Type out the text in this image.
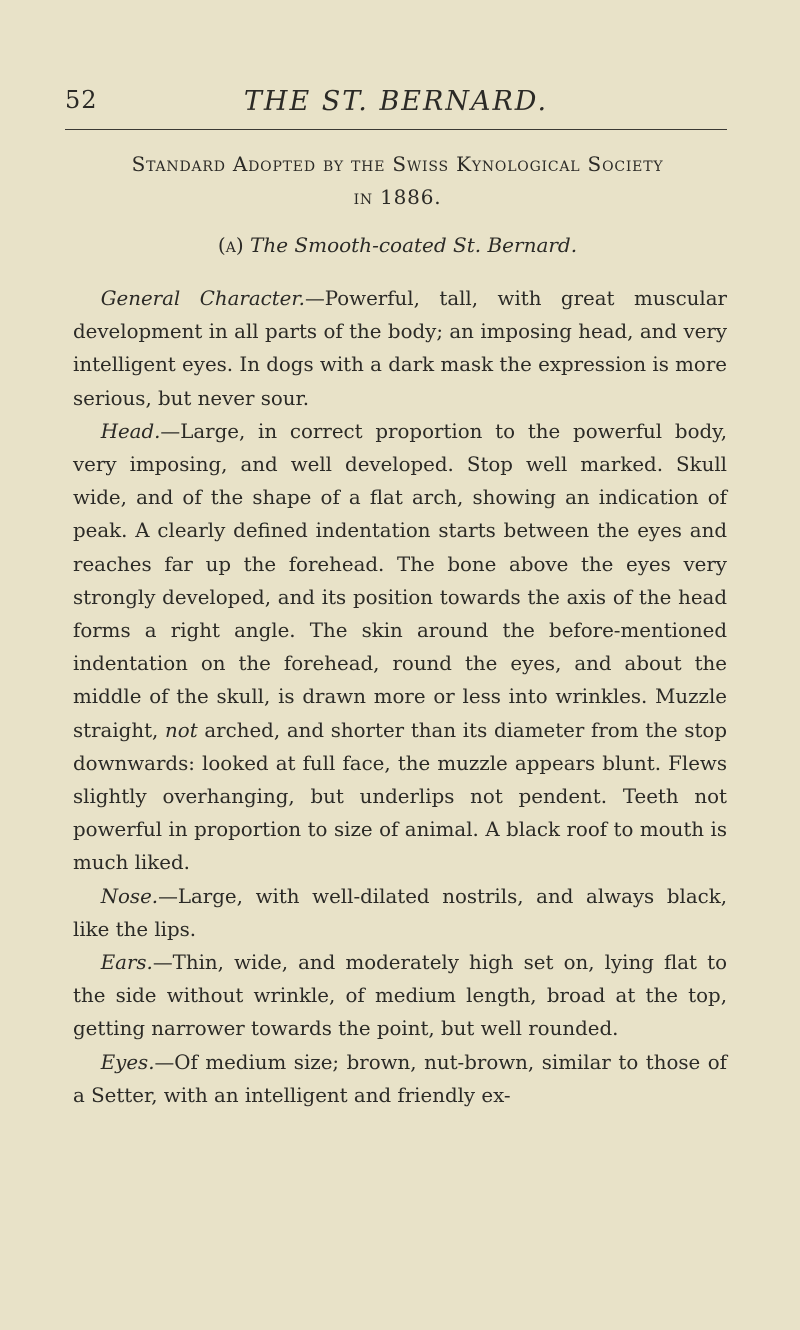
52	THE ST. BERNARD.
Standard Adopted by the Swiss Kynological Society
in 1886.
(a) The Smooth-coated St. Bernard.

General Character.—Powerful, tall, with great muscular development in all parts of the body; an imposing head, and very intelligent eyes. In dogs with a dark mask the expression is more serious, but never sour.

Head.—Large, in correct proportion to the powerful body, very imposing, and well developed. Stop well marked. Skull wide, and of the shape of a flat arch, showing an indication of peak. A clearly defined indentation starts between the eyes and reaches far up the forehead. The bone above the eyes very strongly developed, and its position towards the axis of the head forms a right angle. The skin around the before-mentioned indentation on the forehead, round the eyes, and about the middle of the skull, is drawn more or less into wrinkles. Muzzle straight, not arched, and shorter than its diameter from the stop downwards: looked at full face, the muzzle appears blunt. Flews slightly overhanging, but underlips not pendent. Teeth not powerful in proportion to size of animal. A black roof to mouth is much liked.

Nose.—Large, with well-dilated nostrils, and always black, like the lips.

Ears.—Thin, wide, and moderately high set on, lying flat to the side without wrinkle, of medium length, broad at the top, getting narrower towards the point, but well rounded.

Eyes.—Of medium size; brown, nut-brown, similar to those of a Setter, with an intelligent and friendly ex-
